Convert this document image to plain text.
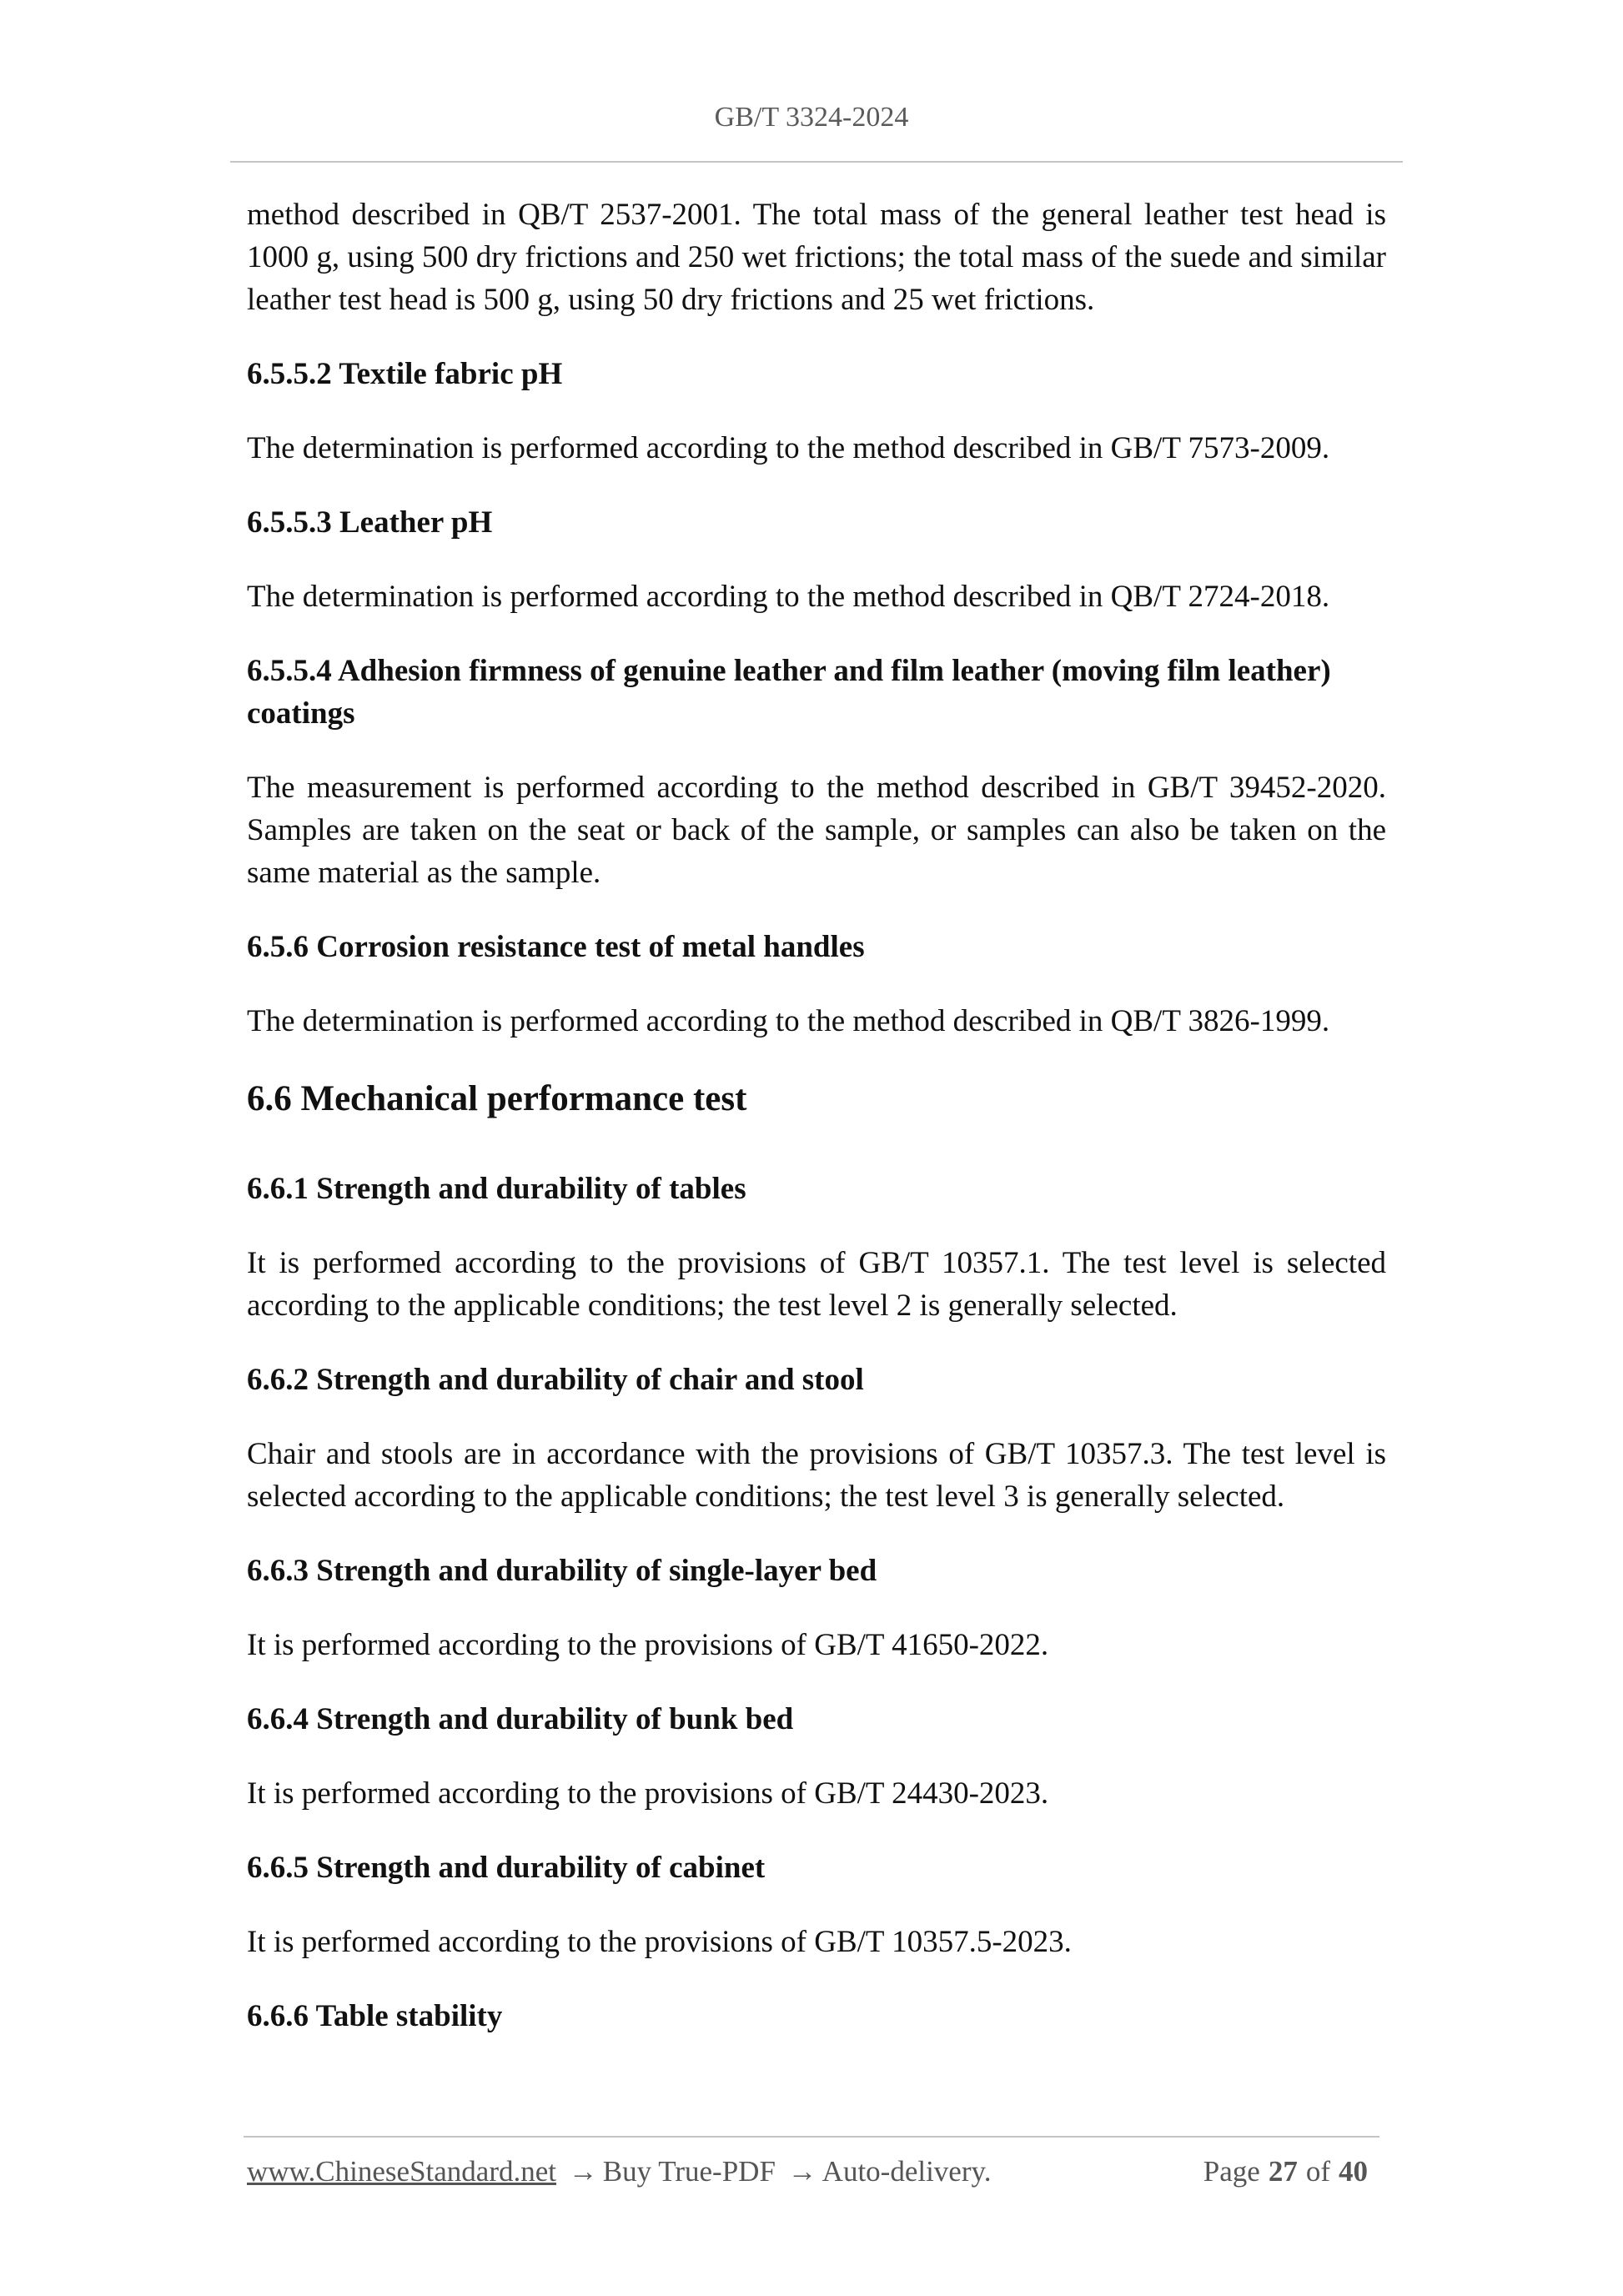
GB/T 3324-2024

method described in QB/T 2537-2001. The total mass of the general leather test head is 1000 g, using 500 dry frictions and 250 wet frictions; the total mass of the suede and similar leather test head is 500 g, using 50 dry frictions and 25 wet frictions.

6.5.5.2 Textile fabric pH

The determination is performed according to the method described in GB/T 7573-2009.

6.5.5.3 Leather pH

The determination is performed according to the method described in QB/T 2724-2018.

6.5.5.4 Adhesion firmness of genuine leather and film leather (moving film leather) coatings

The measurement is performed according to the method described in GB/T 39452-2020. Samples are taken on the seat or back of the sample, or samples can also be taken on the same material as the sample.

6.5.6 Corrosion resistance test of metal handles

The determination is performed according to the method described in QB/T 3826-1999.

6.6 Mechanical performance test

6.6.1 Strength and durability of tables

It is performed according to the provisions of GB/T 10357.1. The test level is selected according to the applicable conditions; the test level 2 is generally selected.

6.6.2 Strength and durability of chair and stool

Chair and stools are in accordance with the provisions of GB/T 10357.3. The test level is selected according to the applicable conditions; the test level 3 is generally selected.

6.6.3 Strength and durability of single-layer bed

It is performed according to the provisions of GB/T 41650-2022.

6.6.4 Strength and durability of bunk bed

It is performed according to the provisions of GB/T 24430-2023.

6.6.5 Strength and durability of cabinet

It is performed according to the provisions of GB/T 10357.5-2023.

6.6.6 Table stability

www.ChineseStandard.net → Buy True-PDF → Auto-delivery.	Page 27 of 40
